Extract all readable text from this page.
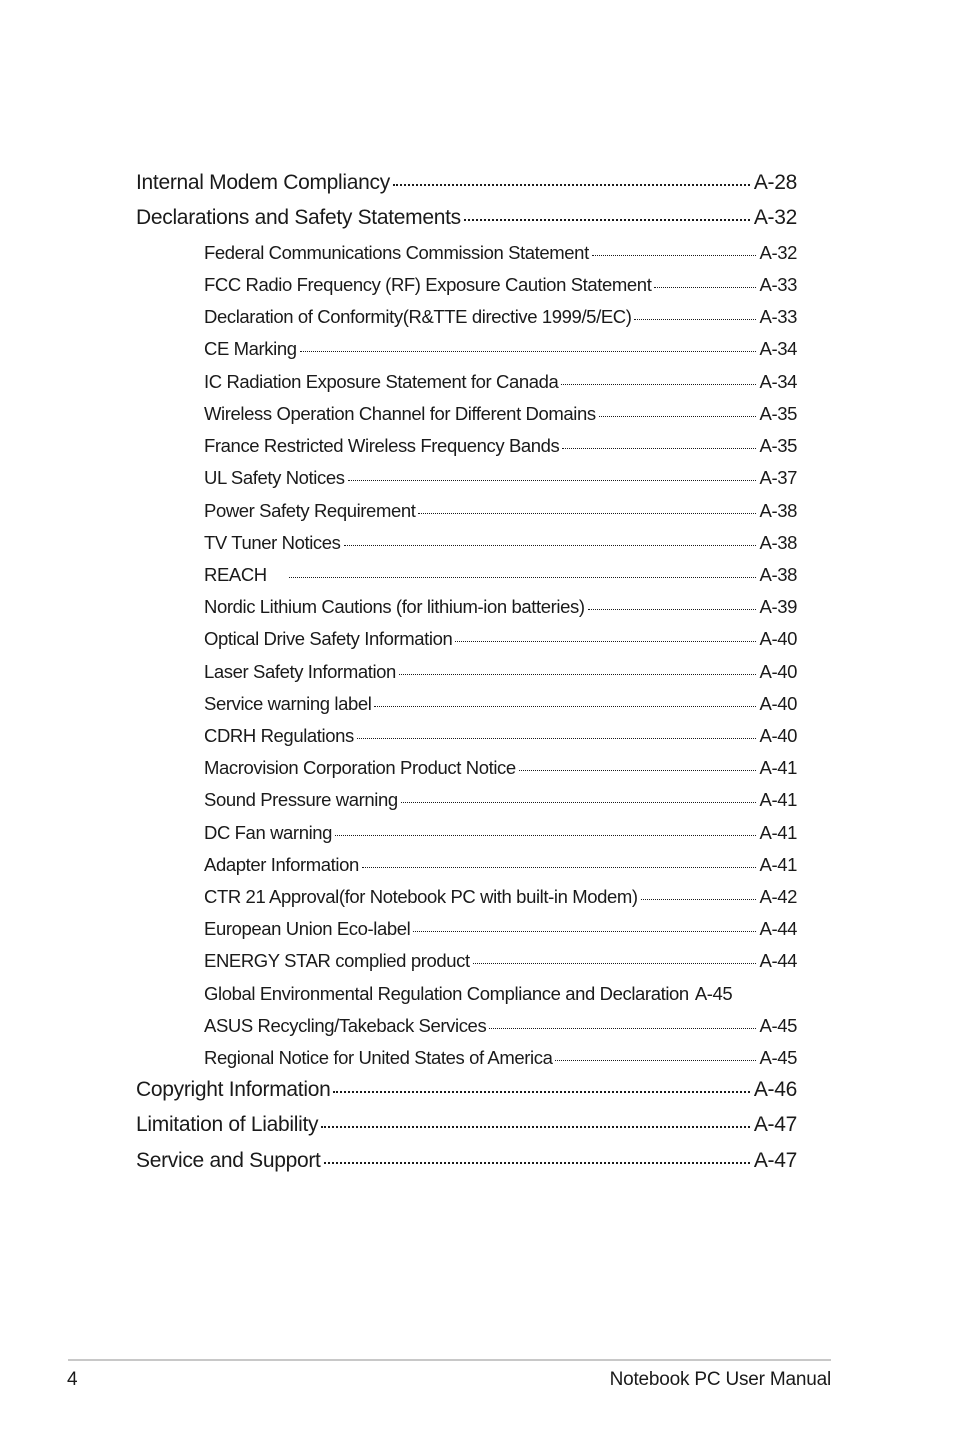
Internal Modem Compliancy	A-28
Declarations and Safety Statements	A-32
Federal Communications Commission Statement	A-32
FCC Radio Frequency (RF) Exposure Caution Statement	A-33
Declaration of Conformity(R&TTE directive 1999/5/EC)	A-33
CE Marking	A-34
IC Radiation Exposure Statement for Canada	A-34
Wireless Operation Channel for Different Domains	A-35
France Restricted Wireless Frequency Bands	A-35
UL Safety Notices	A-37
Power Safety Requirement	A-38
TV Tuner Notices	A-38
REACH	A-38
Nordic Lithium Cautions (for lithium-ion batteries)	A-39
Optical Drive Safety Information	A-40
Laser Safety Information	A-40
Service warning label	A-40
CDRH Regulations	A-40
Macrovision Corporation Product Notice	A-41
Sound Pressure warning	A-41
DC Fan warning	A-41
Adapter Information	A-41
CTR 21 Approval(for Notebook PC with built-in Modem)	A-42
European Union Eco-label	A-44
ENERGY STAR complied product	A-44
Global Environmental Regulation Compliance and Declaration A-45
ASUS Recycling/Takeback Services	A-45
Regional Notice for United States of America	A-45
Copyright Information	A-46
Limitation of Liability	A-47
Service and Support	A-47
4	Notebook PC User Manual
